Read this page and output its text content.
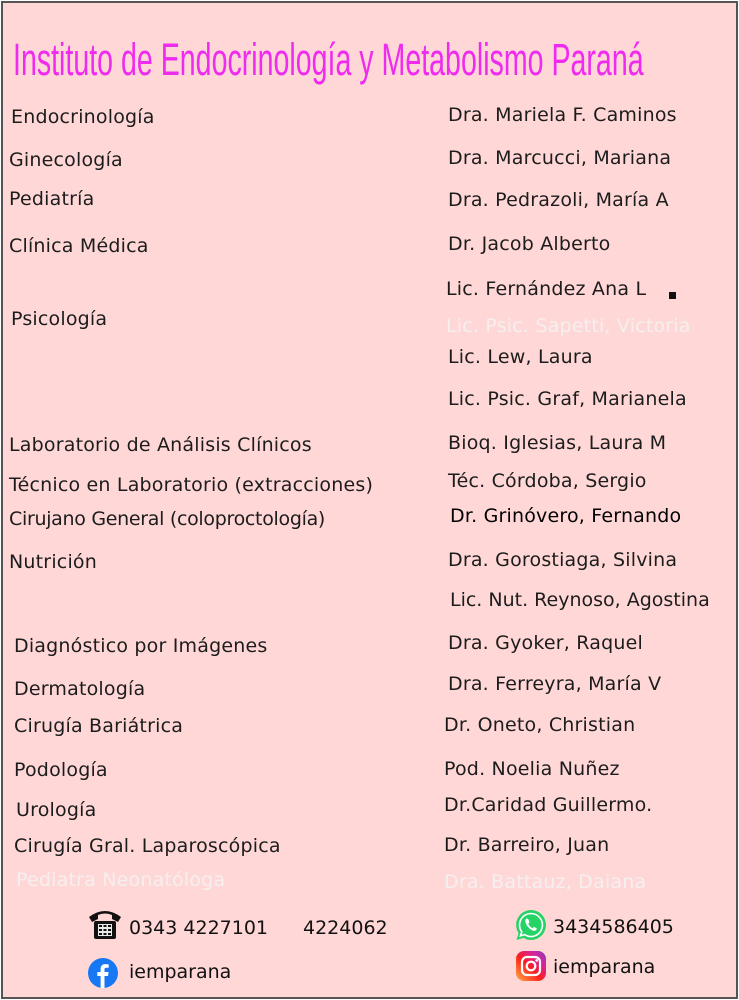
Instituto de Endocrinología y Metabolismo Paraná
Endocrinología
Ginecología
Pediatría
Clínica Médica
Psicología
Laboratorio de Análisis Clínicos
Técnico en Laboratorio (extracciones)
Cirujano General (coloproctología)
Nutrición
Diagnóstico por Imágenes
Dermatología
Cirugía Bariátrica
Podología
Urología
Cirugía Gral. Laparoscópica
Pediatra Neonatóloga
Dra. Mariela F. Caminos
Dra. Marcucci, Mariana
Dra. Pedrazoli, María A
Dr. Jacob Alberto
Lic. Fernández Ana L
Lic. Psic. Sapetti, Victoria
Lic. Lew, Laura
Lic. Psic. Graf, Marianela
Bioq. Iglesias, Laura M
Téc. Córdoba, Sergio
Dr. Grinóvero, Fernando
Dra. Gorostiaga, Silvina
Lic. Nut. Reynoso, Agostina
Dra. Gyoker, Raquel
Dra. Ferreyra, María V
Dr. Oneto, Christian
Pod. Noelia Nuñez
Dr.Caridad Guillermo.
Dr. Barreiro, Juan
Dra. Battauz, Daiana
0343 4227101 4224062
iemparana
3434586405
iemparana
